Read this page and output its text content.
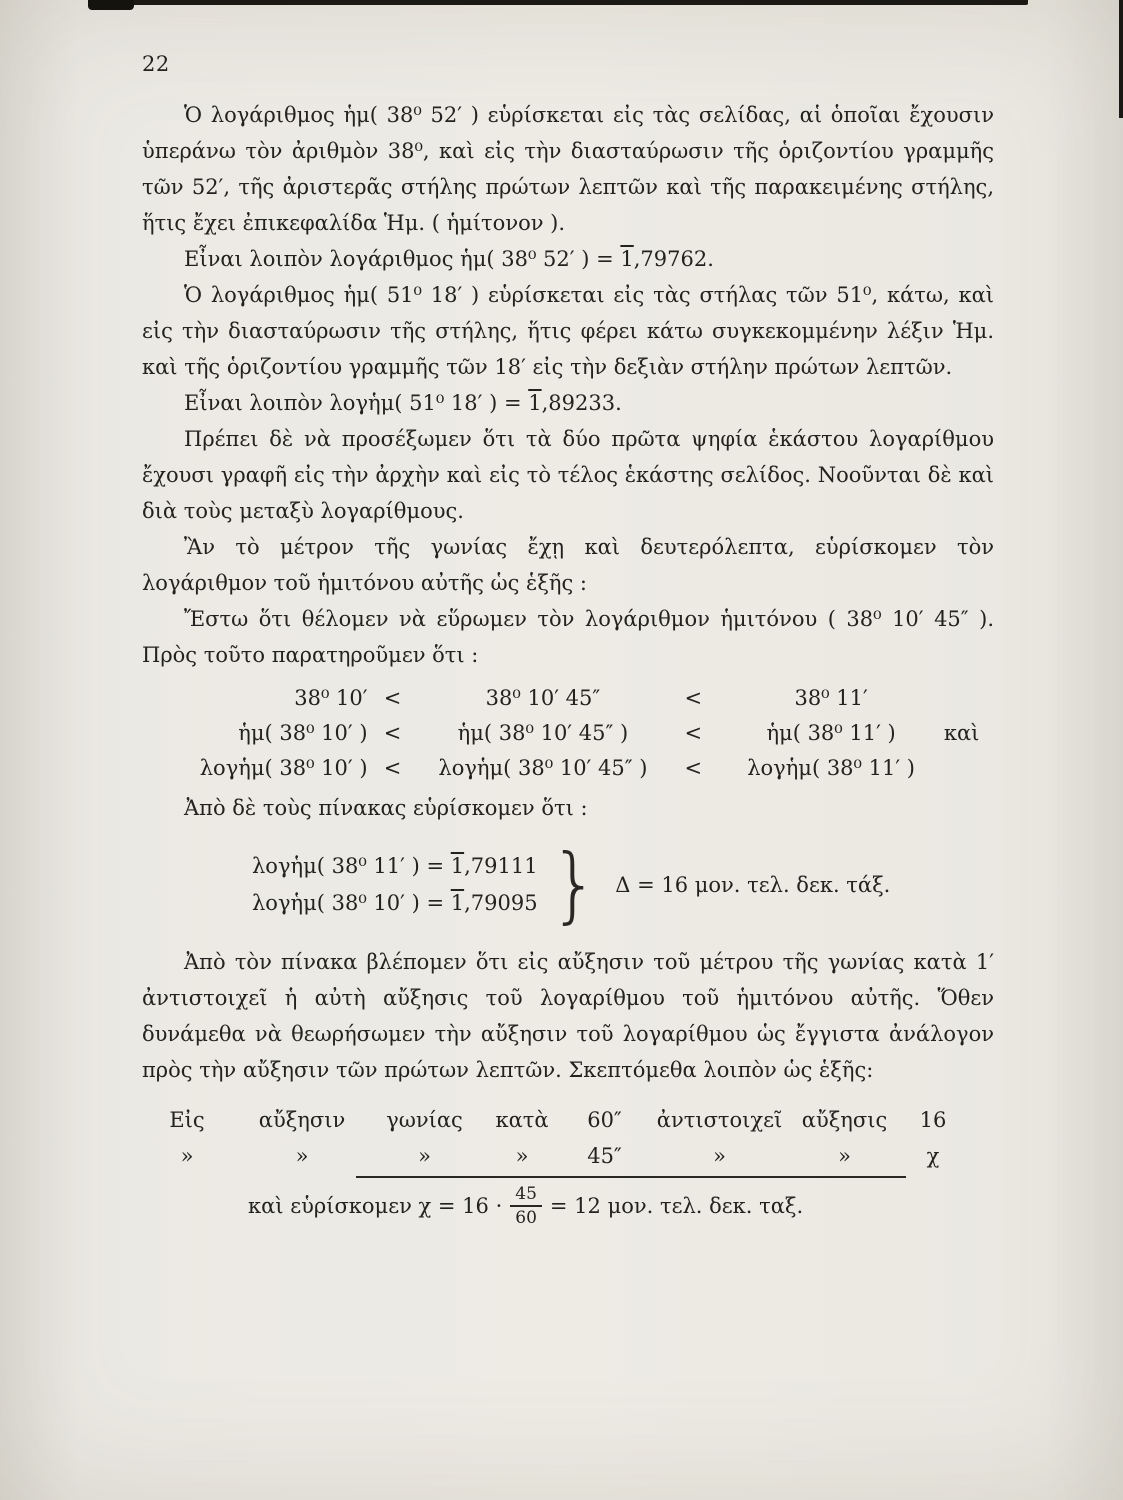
22

Ὁ λογάριθμος ἡμ( 38⁰ 52′ ) εὑρίσκεται εἰς τὰς σελίδας, αἱ ὁποῖαι ἔχουσιν ὑπεράνω τὸν ἀριθμὸν 38⁰, καὶ εἰς τὴν διασταύρωσιν τῆς ὁριζοντίου γραμμῆς τῶν 52′, τῆς ἀριστερᾶς στήλης πρώτων λεπτῶν καὶ τῆς παρακειμένης στήλης, ἥτις ἔχει ἐπικεφαλίδα Ἡμ. ( ἡμίτονον ).

Εἶναι λοιπὸν λογάριθμος ἡμ( 38⁰ 52′ ) = 1,79762.

Ὁ λογάριθμος ἡμ( 51⁰ 18′ ) εὑρίσκεται εἰς τὰς στήλας τῶν 51⁰, κάτω, καὶ εἰς τὴν διασταύρωσιν τῆς στήλης, ἥτις φέρει κάτω συγκεκομμένην λέξιν Ἡμ. καὶ τῆς ὁριζοντίου γραμμῆς τῶν 18′ εἰς τὴν δεξιὰν στήλην πρώτων λεπτῶν.

Εἶναι λοιπὸν λογἡμ( 51⁰ 18′ ) = 1,89233.

Πρέπει δὲ νὰ προσέξωμεν ὅτι τὰ δύο πρῶτα ψηφία ἑκάστου λογαρίθμου ἔχουσι γραφῆ εἰς τὴν ἀρχὴν καὶ εἰς τὸ τέλος ἑκάστης σελίδος. Νοοῦνται δὲ καὶ διὰ τοὺς μεταξὺ λογαρίθμους.

Ἂν τὸ μέτρον τῆς γωνίας ἔχῃ καὶ δευτερόλεπτα, εὑρίσκομεν τὸν λογάριθμον τοῦ ἡμιτόνου αὐτῆς ὡς ἑξῆς :

Ἔστω ὅτι θέλομεν νὰ εὕρωμεν τὸν λογάριθμον ἡμιτόνου ( 38⁰ 10′ 45″ ). Πρὸς τοῦτο παρατηροῦμεν ὅτι :

38⁰ 10′	<	38⁰ 10′ 45″	<	38⁰ 11′	
ἡμ( 38⁰ 10′ )	<	ἡμ( 38⁰ 10′ 45″ )	<	ἡμ( 38⁰ 11′ )	καὶ
λογἡμ( 38⁰ 10′ )	<	λογἡμ( 38⁰ 10′ 45″ )	<	λογἡμ( 38⁰ 11′ )	

Ἀπὸ δὲ τοὺς πίνακας εὑρίσκομεν ὅτι :

λογἡμ( 38⁰ 11′ ) = 1,79111
λογἡμ( 38⁰ 10′ ) = 1,79095 } Δ = 16 μον. τελ. δεκ. τάξ.

Ἀπὸ τὸν πίνακα βλέπομεν ὅτι εἰς αὔξησιν τοῦ μέτρου τῆς γωνίας κατὰ 1′ ἀντιστοιχεῖ ἡ αὐτὴ αὔξησις τοῦ λογαρίθμου τοῦ ἡμιτόνου αὐτῆς. Ὅθεν δυνάμεθα νὰ θεωρήσωμεν τὴν αὔξησιν τοῦ λογαρίθμου ὡς ἔγγιστα ἀνάλογον πρὸς τὴν αὔξησιν τῶν πρώτων λεπτῶν. Σκεπτόμεθα λοιπὸν ὡς ἑξῆς:

Εἰς	αὔξησιν	γωνίας	κατὰ	60″	ἀντιστοιχεῖ	αὔξησις	16
»	»	»	»	45″	»	»	χ
καὶ εὑρίσκομεν $\chi = 16 \cdot \frac{45}{60} = 12$ μον. τελ. δεκ. ταξ.
